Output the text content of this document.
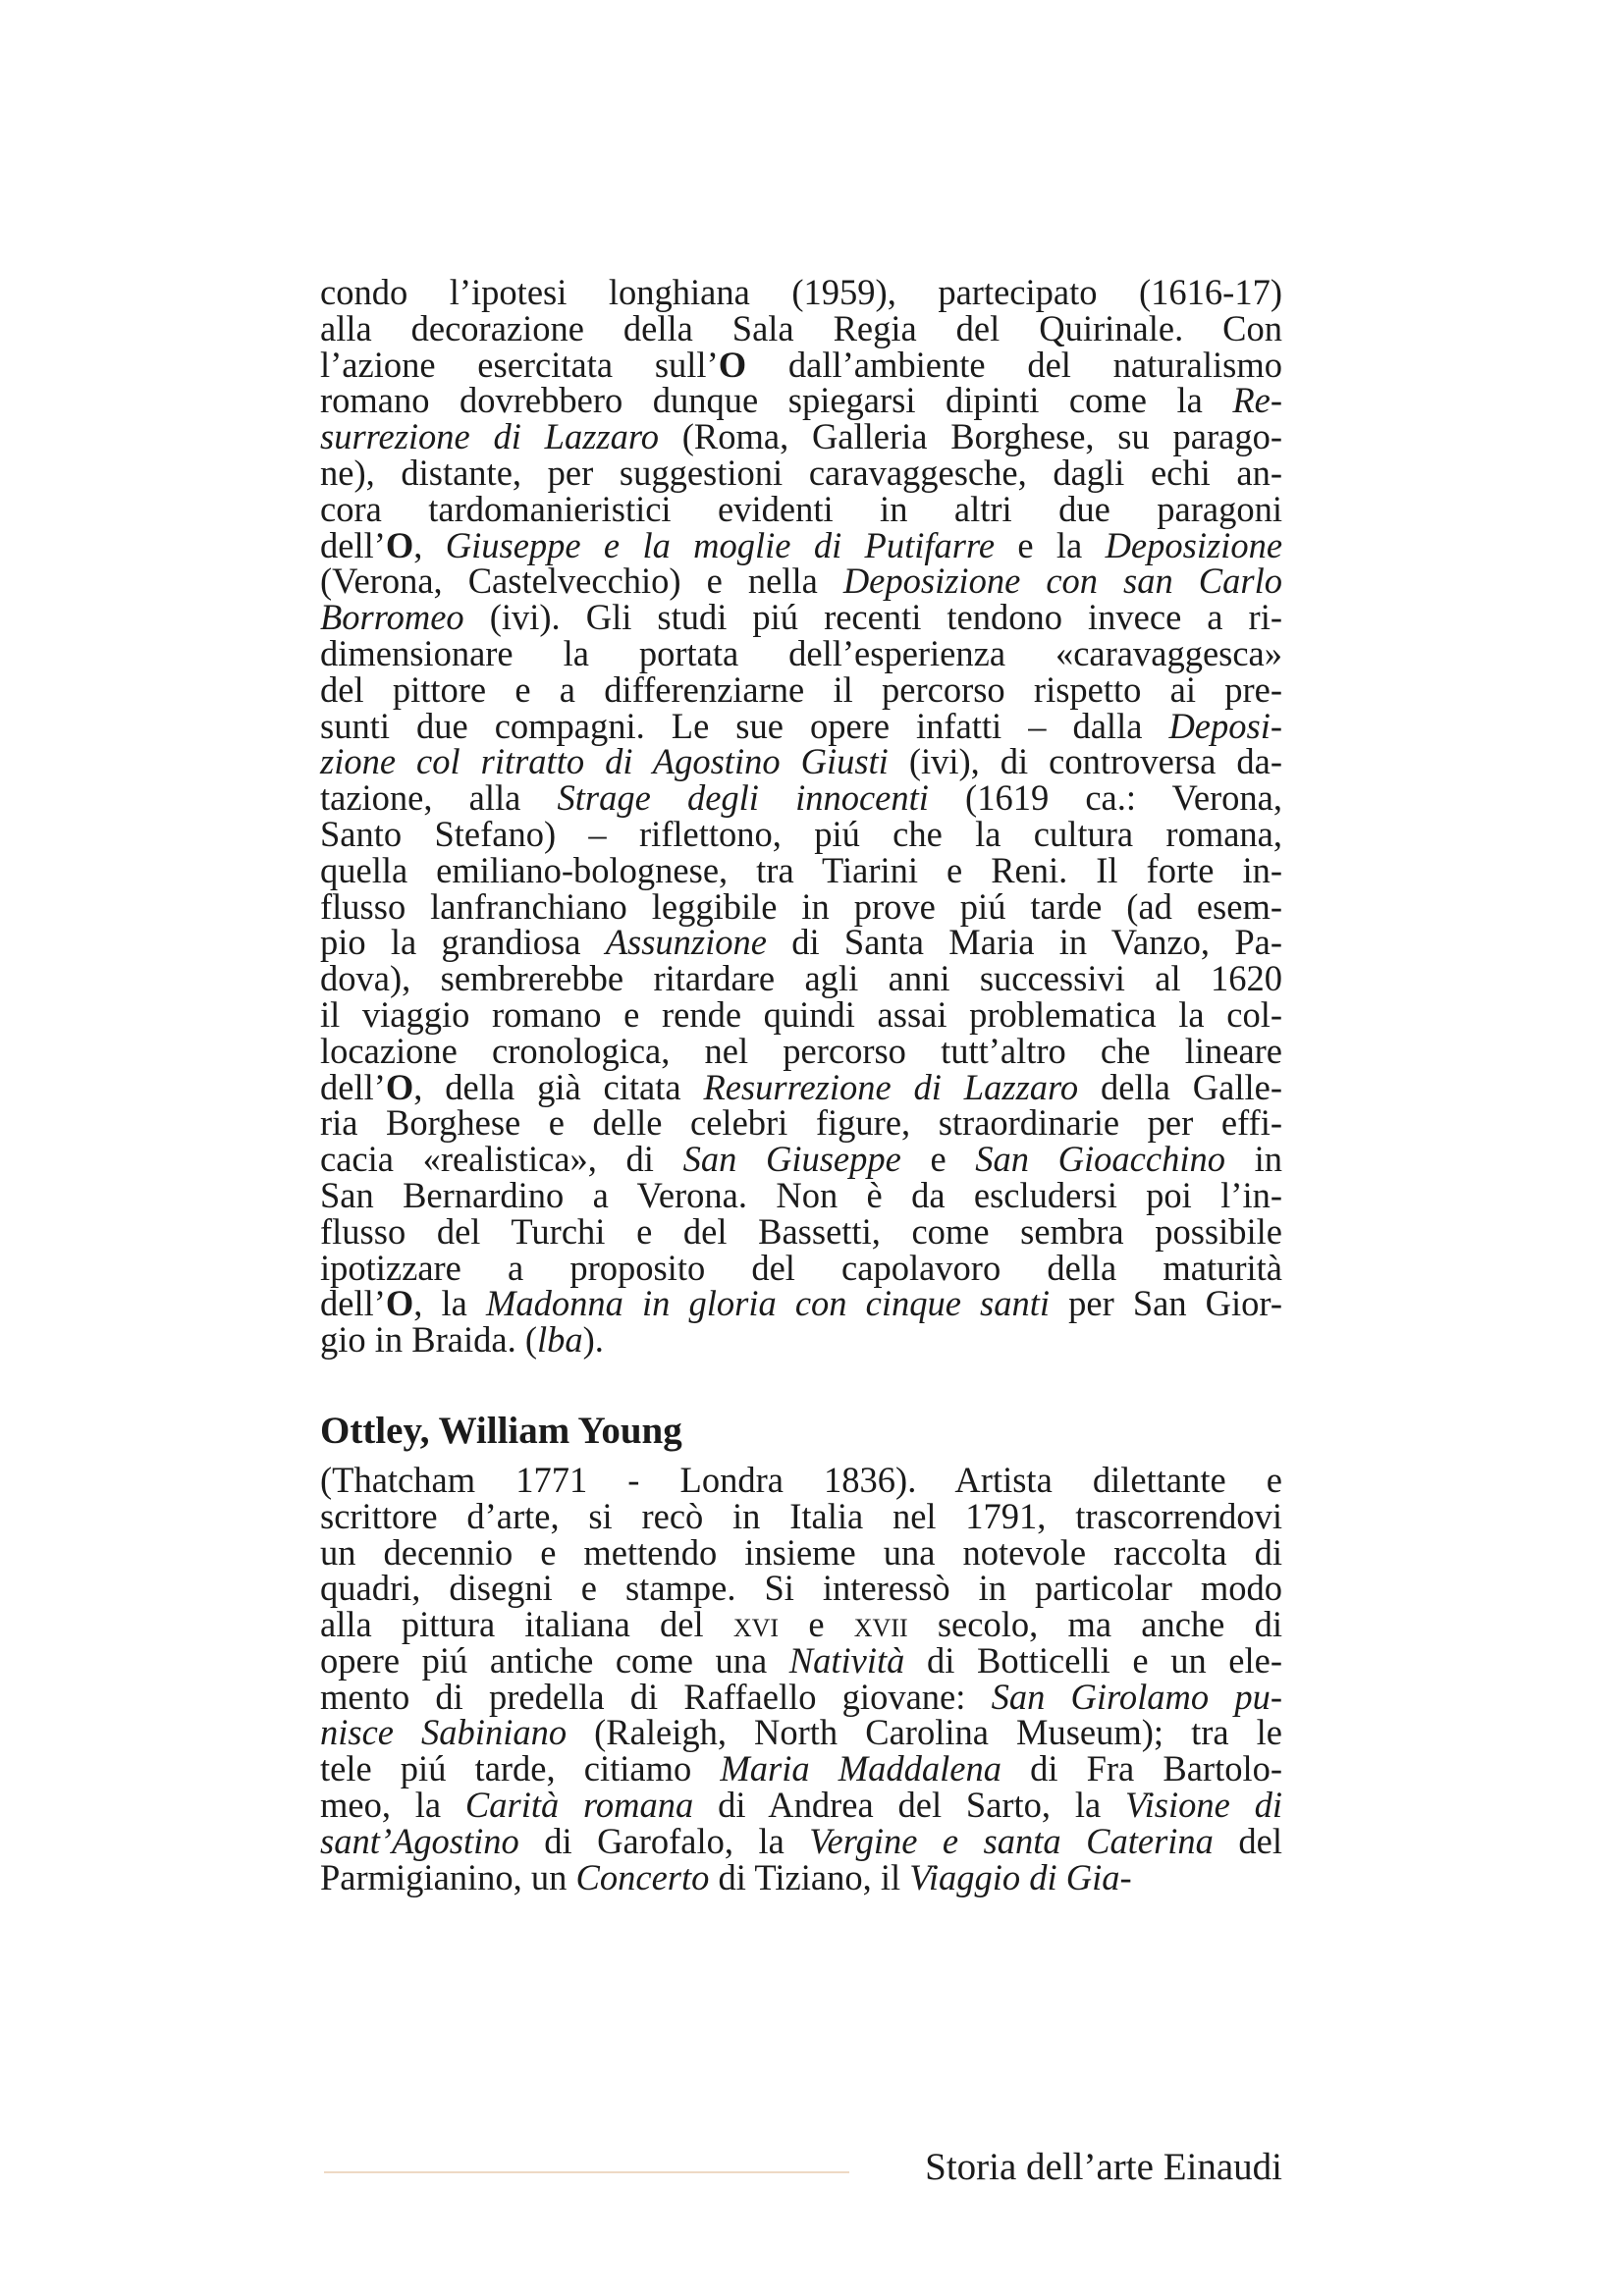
condo l’ipotesi longhiana (1959), partecipato (1616-17)
alla decorazione della Sala Regia del Quirinale. Con
l’azione esercitata sull’O dall’ambiente del naturalismo
romano dovrebbero dunque spiegarsi dipinti come la Re-
surrezione di Lazzaro (Roma, Galleria Borghese, su parago-
ne), distante, per suggestioni caravaggesche, dagli echi an-
cora tardomanieristici evidenti in altri due paragoni
dell’O, Giuseppe e la moglie di Putifarre e la Deposizione
(Verona, Castelvecchio) e nella Deposizione con san Carlo
Borromeo (ivi). Gli studi piú recenti tendono invece a ri-
dimensionare la portata dell’esperienza «caravaggesca»
del pittore e a differenziarne il percorso rispetto ai pre-
sunti due compagni. Le sue opere infatti – dalla Deposi-
zione col ritratto di Agostino Giusti (ivi), di controversa da-
tazione, alla Strage degli innocenti (1619 ca.: Verona,
Santo Stefano) – riflettono, piú che la cultura romana,
quella emiliano-bolognese, tra Tiarini e Reni. Il forte in-
flusso lanfranchiano leggibile in prove piú tarde (ad esem-
pio la grandiosa Assunzione di Santa Maria in Vanzo, Pa-
dova), sembrerebbe ritardare agli anni successivi al 1620
il viaggio romano e rende quindi assai problematica la col-
locazione cronologica, nel percorso tutt’altro che lineare
dell’O, della già citata Resurrezione di Lazzaro della Galle-
ria Borghese e delle celebri figure, straordinarie per effi-
cacia «realistica», di San Giuseppe e San Gioacchino in
San Bernardino a Verona. Non è da escludersi poi l’in-
flusso del Turchi e del Bassetti, come sembra possibile
ipotizzare a proposito del capolavoro della maturità
dell’O, la Madonna in gloria con cinque santi per San Gior-
gio in Braida. (lba).

Ottley, William Young

(Thatcham 1771 - Londra 1836). Artista dilettante e
scrittore d’arte, si recò in Italia nel 1791, trascorrendovi
un decennio e mettendo insieme una notevole raccolta di
quadri, disegni e stampe. Si interessò in particolar modo
alla pittura italiana del xvi e xvii secolo, ma anche di
opere piú antiche come una Natività di Botticelli e un ele-
mento di predella di Raffaello giovane: San Girolamo pu-
nisce Sabiniano (Raleigh, North Carolina Museum); tra le
tele piú tarde, citiamo Maria Maddalena di Fra Bartolo-
meo, la Carità romana di Andrea del Sarto, la Visione di
sant’Agostino di Garofalo, la Vergine e santa Caterina del
Parmigianino, un Concerto di Tiziano, il Viaggio di Gia-

Storia dell’arte Einaudi
